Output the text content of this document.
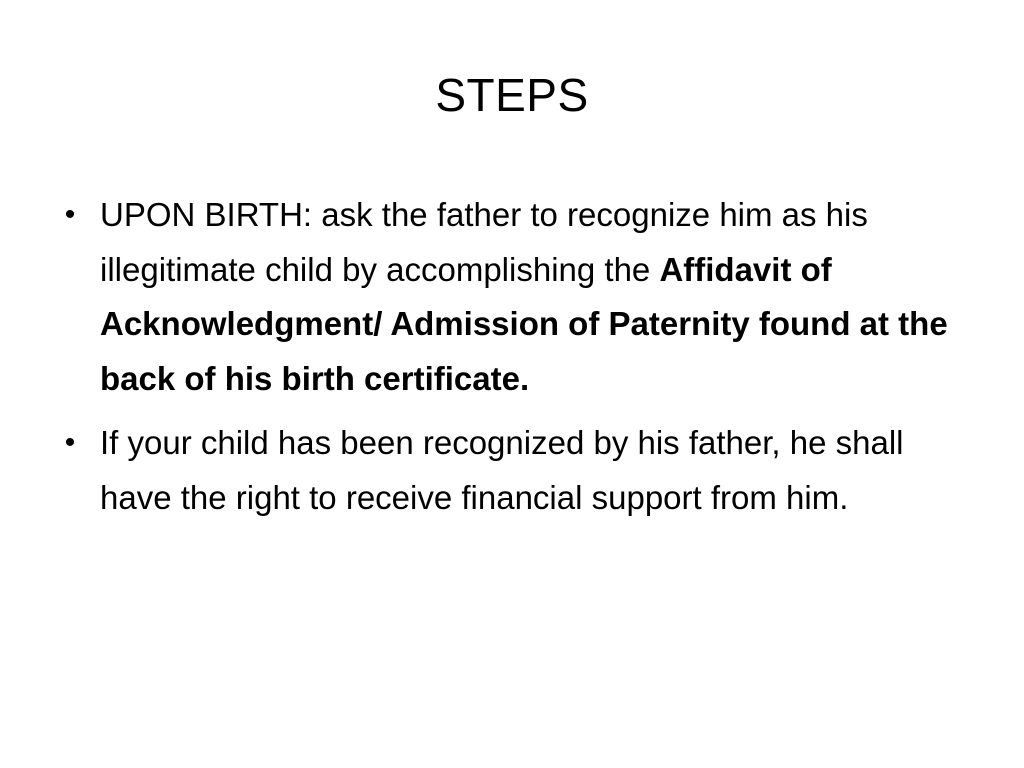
STEPS
• UPON BIRTH: ask the father to recognize him as his illegitimate child by accomplishing the Affidavit of Acknowledgment/ Admission of Paternity found at the back of his birth certificate.
• If your child has been recognized by his father, he shall have the right to receive financial support from him.
